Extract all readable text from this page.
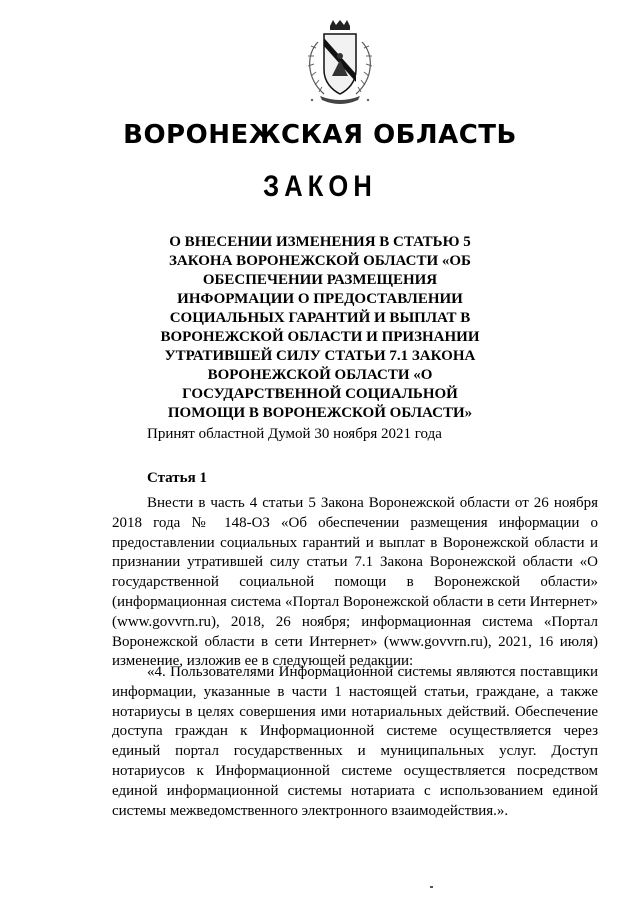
ВОРОНЕЖСКАЯ ОБЛАСТЬ
ЗАКОН
О ВНЕСЕНИИ ИЗМЕНЕНИЯ В СТАТЬЮ 5 ЗАКОНА ВОРОНЕЖСКОЙ ОБЛАСТИ «ОБ ОБЕСПЕЧЕНИИ РАЗМЕЩЕНИЯ ИНФОРМАЦИИ О ПРЕДОСТАВЛЕНИИ СОЦИАЛЬНЫХ ГАРАНТИЙ И ВЫПЛАТ В ВОРОНЕЖСКОЙ ОБЛАСТИ И ПРИЗНАНИИ УТРАТИВШЕЙ СИЛУ СТАТЬИ 7.1 ЗАКОНА ВОРОНЕЖСКОЙ ОБЛАСТИ «О ГОСУДАРСТВЕННОЙ СОЦИАЛЬНОЙ ПОМОЩИ В ВОРОНЕЖСКОЙ ОБЛАСТИ»
Принят областной Думой 30 ноября 2021 года
Статья 1

Внести в часть 4 статьи 5 Закона Воронежской области от 26 ноября 2018 года № 148-ОЗ «Об обеспечении размещения информации о предоставлении социальных гарантий и выплат в Воронежской области и признании утратившей силу статьи 7.1 Закона Воронежской области «О государственной социальной помощи в Воронежской области» (информационная система «Портал Воронежской области в сети Интернет» (www.govvrn.ru), 2018, 26 ноября; информационная система «Портал Воронежской области в сети Интернет» (www.govvrn.ru), 2021, 16 июля) изменение, изложив ее в следующей редакции:

«4. Пользователями Информационной системы являются поставщики информации, указанные в части 1 настоящей статьи, граждане, а также нотариусы в целях совершения ими нотариальных действий. Обеспечение доступа граждан к Информационной системе осуществляется через единый портал государственных и муниципальных услуг. Доступ нотариусов к Информационной системе осуществляется посредством единой информационной системы нотариата с использованием единой системы межведомственного электронного взаимодействия.».
